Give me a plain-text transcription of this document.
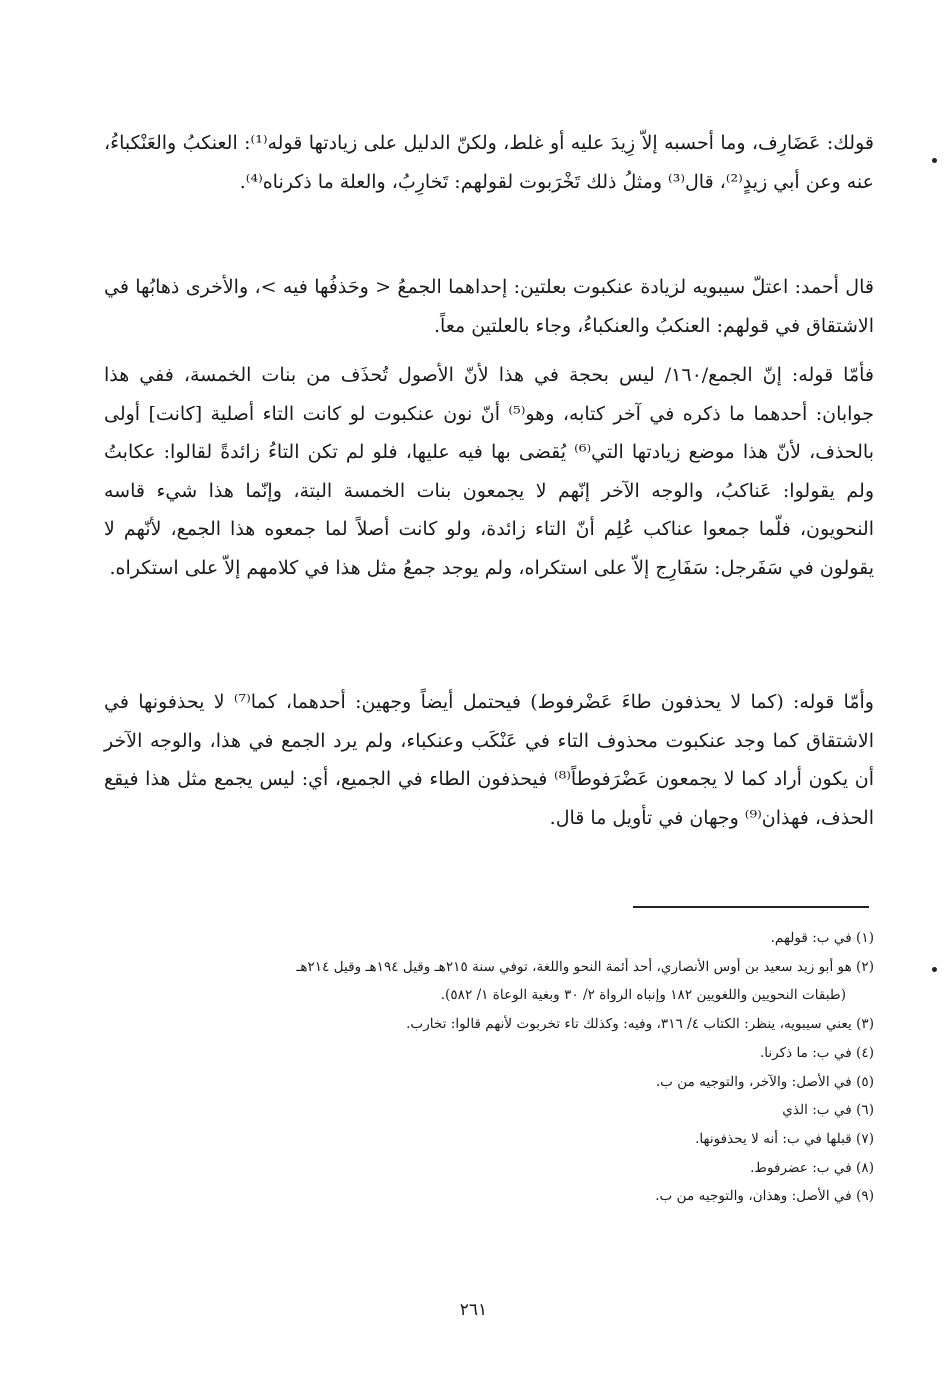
قولك: عَضَارِف، وما أحسبه إلاّ زِيدَ عليه أو غلط، ولكنّ الدليل على زيادتها قوله⁽¹⁾: العنكبُ والعَنْكباءُ، عنه وعن أبي زيدٍ⁽²⁾، قال⁽³⁾ ومثلُ ذلك تَخْرَبوت لقولهم: تَخارِبُ، والعلة ما ذكرناه⁽⁴⁾.

قال أحمد: اعتلّ سيبويه لزيادة عنكبوت بعلتين: إحداهما الجمعُ < وحَذفُها فيه >، والأخرى ذهابُها في الاشتقاق في قولهم: العنكبُ والعنكباءُ، وجاء بالعلتين معاً.

فأمّا قوله: إنّ الجمع/١٦٠/ ليس بحجة في هذا لأنّ الأصول تُحذَف من بنات الخمسة، ففي هذا جوابان: أحدهما ما ذكره في آخر كتابه، وهو⁽⁵⁾ أنّ نون عنكبوت لو كانت التاء أصلية [كانت] أولى بالحذف، لأنّ هذا موضع زيادتها التي⁽⁶⁾ يُقضى بها فيه عليها، فلو لم تكن التاءُ زائدةً لقالوا: عكابتُ ولم يقولوا: عَناكبُ، والوجه الآخر إنّهم لا يجمعون بنات الخمسة البتة، وإنّما هذا شيء قاسه النحويون، فلّما جمعوا عناكب عُلِم أنّ التاء زائدة، ولو كانت أصلاً لما جمعوه هذا الجمع، لأنّهم لا يقولون في سَفَرجل: سَفَارِج إلاّ على استكراه، ولم يوجد جمعُ مثل هذا في كلامهم إلاّ على استكراه.

وأمّا قوله: (كما لا يحذفون طاءَ عَضْرفوط) فيحتمل أيضاً وجهين: أحدهما، كما⁽⁷⁾ لا يحذفونها في الاشتقاق كما وجد عنكبوت محذوف التاء في عَنْكَب وعنكباء، ولم يرد الجمع في هذا، والوجه الآخر أن يكون أراد كما لا يجمعون عَضْرَفوطاً⁽⁸⁾ فيحذفون الطاء في الجميع، أي: ليس يجمع مثل هذا فيقع الحذف، فهذان⁽⁹⁾ وجهان في تأويل ما قال.

(١) في ب: قولهم.
(٢) هو أبو زيد سعيد بن أوس الأنصاري، أحد أئمة النحو واللغة، توفي سنة ٢١٥هـ وقيل ١٩٤هـ وقيل ٢١٤هـ
(طبقات النحويين واللغويين ١٨٢ وإنباه الرواة ٢/ ٣٠ وبغية الوعاة ١/ ٥٨٢).
(٣) يعني سيبويه، ينظر: الكتاب ٤/ ٣١٦، وفيه: وكذلك تاء تخربوت لأنهم قالوا: تخارب.
(٤) في ب: ما ذكرنا.
(٥) في الأصل: والآخر، والتوجيه من ب.
(٦) في ب: الذي
(٧) قبلها في ب: أنه لا يحذفونها.
(٨) في ب: عضرفوط.
(٩) في الأصل: وهذان، والتوجيه من ب.
٢٦١
